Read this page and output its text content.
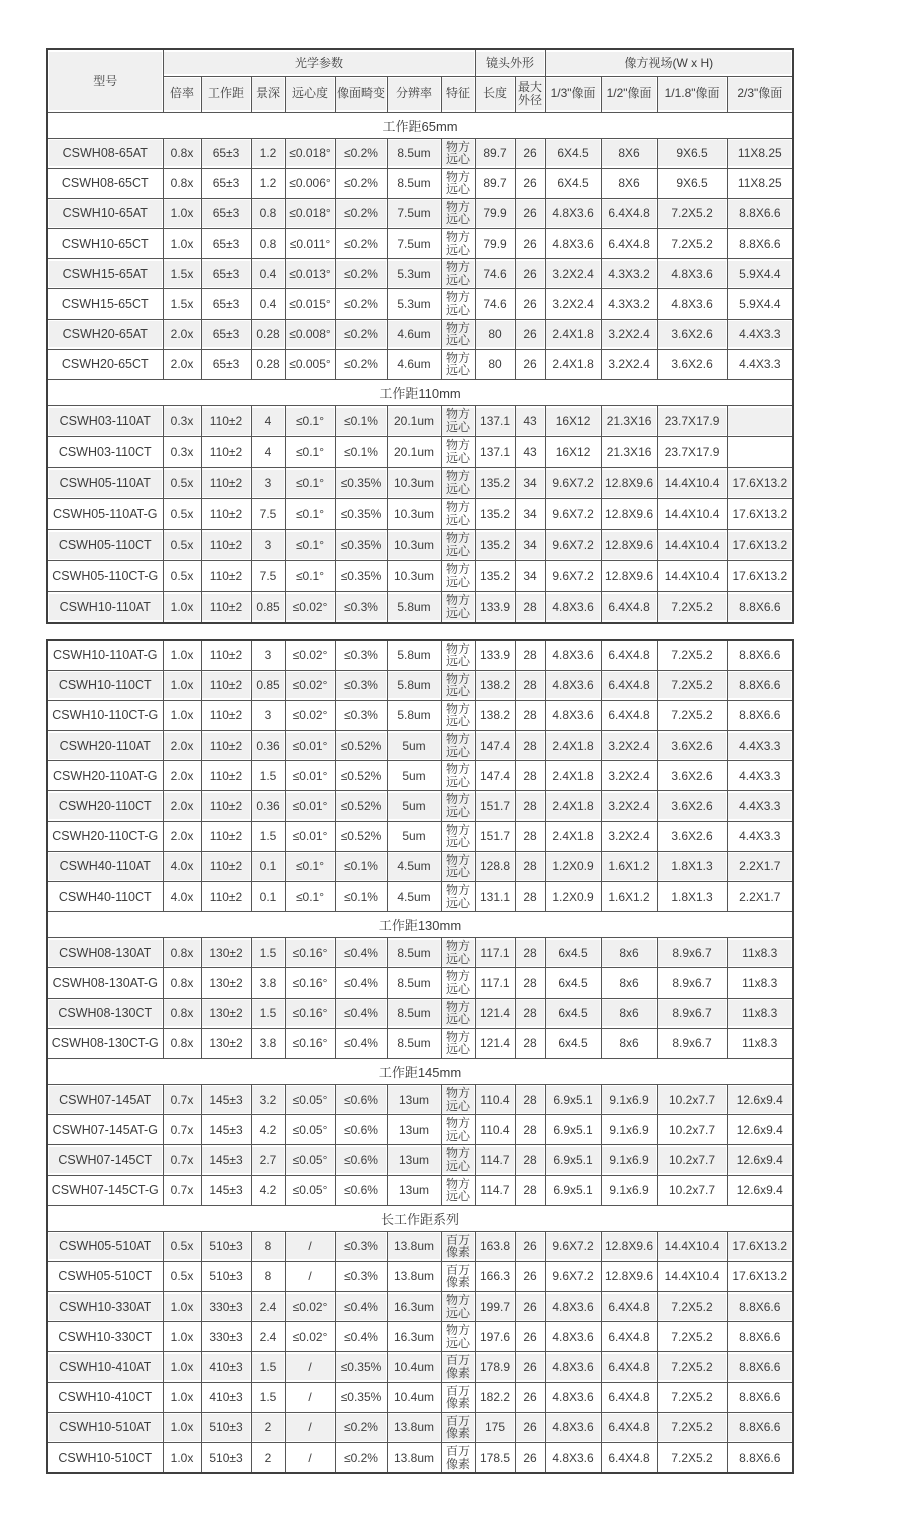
型号	光学参数							镜头外形		像方视场(W x H)			
	倍率	工作距	景深	远心度	像面畸变	分辨率	特征	长度	最大外径	1/3"像面	1/2"像面	1/1.8"像面	2/3"像面
工作距65mm													
CSWH08-65AT	0.8x	65±3	1.2	≤0.018°	≤0.2%	8.5um	物方远心	89.7	26	6X4.5	8X6	9X6.5	11X8.25
CSWH08-65CT	0.8x	65±3	1.2	≤0.006°	≤0.2%	8.5um	物方远心	89.7	26	6X4.5	8X6	9X6.5	11X8.25
CSWH10-65AT	1.0x	65±3	0.8	≤0.018°	≤0.2%	7.5um	物方远心	79.9	26	4.8X3.6	6.4X4.8	7.2X5.2	8.8X6.6
CSWH10-65CT	1.0x	65±3	0.8	≤0.011°	≤0.2%	7.5um	物方远心	79.9	26	4.8X3.6	6.4X4.8	7.2X5.2	8.8X6.6
CSWH15-65AT	1.5x	65±3	0.4	≤0.013°	≤0.2%	5.3um	物方远心	74.6	26	3.2X2.4	4.3X3.2	4.8X3.6	5.9X4.4
CSWH15-65CT	1.5x	65±3	0.4	≤0.015°	≤0.2%	5.3um	物方远心	74.6	26	3.2X2.4	4.3X3.2	4.8X3.6	5.9X4.4
CSWH20-65AT	2.0x	65±3	0.28	≤0.008°	≤0.2%	4.6um	物方远心	80	26	2.4X1.8	3.2X2.4	3.6X2.6	4.4X3.3
CSWH20-65CT	2.0x	65±3	0.28	≤0.005°	≤0.2%	4.6um	物方远心	80	26	2.4X1.8	3.2X2.4	3.6X2.6	4.4X3.3
工作距110mm													
CSWH03-110AT	0.3x	110±2	4	≤0.1°	≤0.1%	20.1um	物方远心	137.1	43	16X12	21.3X16	23.7X17.9	
CSWH03-110CT	0.3x	110±2	4	≤0.1°	≤0.1%	20.1um	物方远心	137.1	43	16X12	21.3X16	23.7X17.9	
CSWH05-110AT	0.5x	110±2	3	≤0.1°	≤0.35%	10.3um	物方远心	135.2	34	9.6X7.2	12.8X9.6	14.4X10.4	17.6X13.2
CSWH05-110AT-G	0.5x	110±2	7.5	≤0.1°	≤0.35%	10.3um	物方远心	135.2	34	9.6X7.2	12.8X9.6	14.4X10.4	17.6X13.2
CSWH05-110CT	0.5x	110±2	3	≤0.1°	≤0.35%	10.3um	物方远心	135.2	34	9.6X7.2	12.8X9.6	14.4X10.4	17.6X13.2
CSWH05-110CT-G	0.5x	110±2	7.5	≤0.1°	≤0.35%	10.3um	物方远心	135.2	34	9.6X7.2	12.8X9.6	14.4X10.4	17.6X13.2
CSWH10-110AT	1.0x	110±2	0.85	≤0.02°	≤0.3%	5.8um	物方远心	133.9	28	4.8X3.6	6.4X4.8	7.2X5.2	8.8X6.6
CSWH10-110AT-G	1.0x	110±2	3	≤0.02°	≤0.3%	5.8um	物方远心	133.9	28	4.8X3.6	6.4X4.8	7.2X5.2	8.8X6.6
CSWH10-110CT	1.0x	110±2	0.85	≤0.02°	≤0.3%	5.8um	物方远心	138.2	28	4.8X3.6	6.4X4.8	7.2X5.2	8.8X6.6
CSWH10-110CT-G	1.0x	110±2	3	≤0.02°	≤0.3%	5.8um	物方远心	138.2	28	4.8X3.6	6.4X4.8	7.2X5.2	8.8X6.6
CSWH20-110AT	2.0x	110±2	0.36	≤0.01°	≤0.52%	5um	物方远心	147.4	28	2.4X1.8	3.2X2.4	3.6X2.6	4.4X3.3
CSWH20-110AT-G	2.0x	110±2	1.5	≤0.01°	≤0.52%	5um	物方远心	147.4	28	2.4X1.8	3.2X2.4	3.6X2.6	4.4X3.3
CSWH20-110CT	2.0x	110±2	0.36	≤0.01°	≤0.52%	5um	物方远心	151.7	28	2.4X1.8	3.2X2.4	3.6X2.6	4.4X3.3
CSWH20-110CT-G	2.0x	110±2	1.5	≤0.01°	≤0.52%	5um	物方远心	151.7	28	2.4X1.8	3.2X2.4	3.6X2.6	4.4X3.3
CSWH40-110AT	4.0x	110±2	0.1	≤0.1°	≤0.1%	4.5um	物方远心	128.8	28	1.2X0.9	1.6X1.2	1.8X1.3	2.2X1.7
CSWH40-110CT	4.0x	110±2	0.1	≤0.1°	≤0.1%	4.5um	物方远心	131.1	28	1.2X0.9	1.6X1.2	1.8X1.3	2.2X1.7
工作距130mm													
CSWH08-130AT	0.8x	130±2	1.5	≤0.16°	≤0.4%	8.5um	物方远心	117.1	28	6x4.5	8x6	8.9x6.7	11x8.3
CSWH08-130AT-G	0.8x	130±2	3.8	≤0.16°	≤0.4%	8.5um	物方远心	117.1	28	6x4.5	8x6	8.9x6.7	11x8.3
CSWH08-130CT	0.8x	130±2	1.5	≤0.16°	≤0.4%	8.5um	物方远心	121.4	28	6x4.5	8x6	8.9x6.7	11x8.3
CSWH08-130CT-G	0.8x	130±2	3.8	≤0.16°	≤0.4%	8.5um	物方远心	121.4	28	6x4.5	8x6	8.9x6.7	11x8.3
工作距145mm													
CSWH07-145AT	0.7x	145±3	3.2	≤0.05°	≤0.6%	13um	物方远心	110.4	28	6.9x5.1	9.1x6.9	10.2x7.7	12.6x9.4
CSWH07-145AT-G	0.7x	145±3	4.2	≤0.05°	≤0.6%	13um	物方远心	110.4	28	6.9x5.1	9.1x6.9	10.2x7.7	12.6x9.4
CSWH07-145CT	0.7x	145±3	2.7	≤0.05°	≤0.6%	13um	物方远心	114.7	28	6.9x5.1	9.1x6.9	10.2x7.7	12.6x9.4
CSWH07-145CT-G	0.7x	145±3	4.2	≤0.05°	≤0.6%	13um	物方远心	114.7	28	6.9x5.1	9.1x6.9	10.2x7.7	12.6x9.4
长工作距系列													
CSWH05-510AT	0.5x	510±3	8	/	≤0.3%	13.8um	百万像素	163.8	26	9.6X7.2	12.8X9.6	14.4X10.4	17.6X13.2
CSWH05-510CT	0.5x	510±3	8	/	≤0.3%	13.8um	百万像素	166.3	26	9.6X7.2	12.8X9.6	14.4X10.4	17.6X13.2
CSWH10-330AT	1.0x	330±3	2.4	≤0.02°	≤0.4%	16.3um	物方远心	199.7	26	4.8X3.6	6.4X4.8	7.2X5.2	8.8X6.6
CSWH10-330CT	1.0x	330±3	2.4	≤0.02°	≤0.4%	16.3um	物方远心	197.6	26	4.8X3.6	6.4X4.8	7.2X5.2	8.8X6.6
CSWH10-410AT	1.0x	410±3	1.5	/	≤0.35%	10.4um	百万像素	178.9	26	4.8X3.6	6.4X4.8	7.2X5.2	8.8X6.6
CSWH10-410CT	1.0x	410±3	1.5	/	≤0.35%	10.4um	百万像素	182.2	26	4.8X3.6	6.4X4.8	7.2X5.2	8.8X6.6
CSWH10-510AT	1.0x	510±3	2	/	≤0.2%	13.8um	百万像素	175	26	4.8X3.6	6.4X4.8	7.2X5.2	8.8X6.6
CSWH10-510CT	1.0x	510±3	2	/	≤0.2%	13.8um	百万像素	178.5	26	4.8X3.6	6.4X4.8	7.2X5.2	8.8X6.6
